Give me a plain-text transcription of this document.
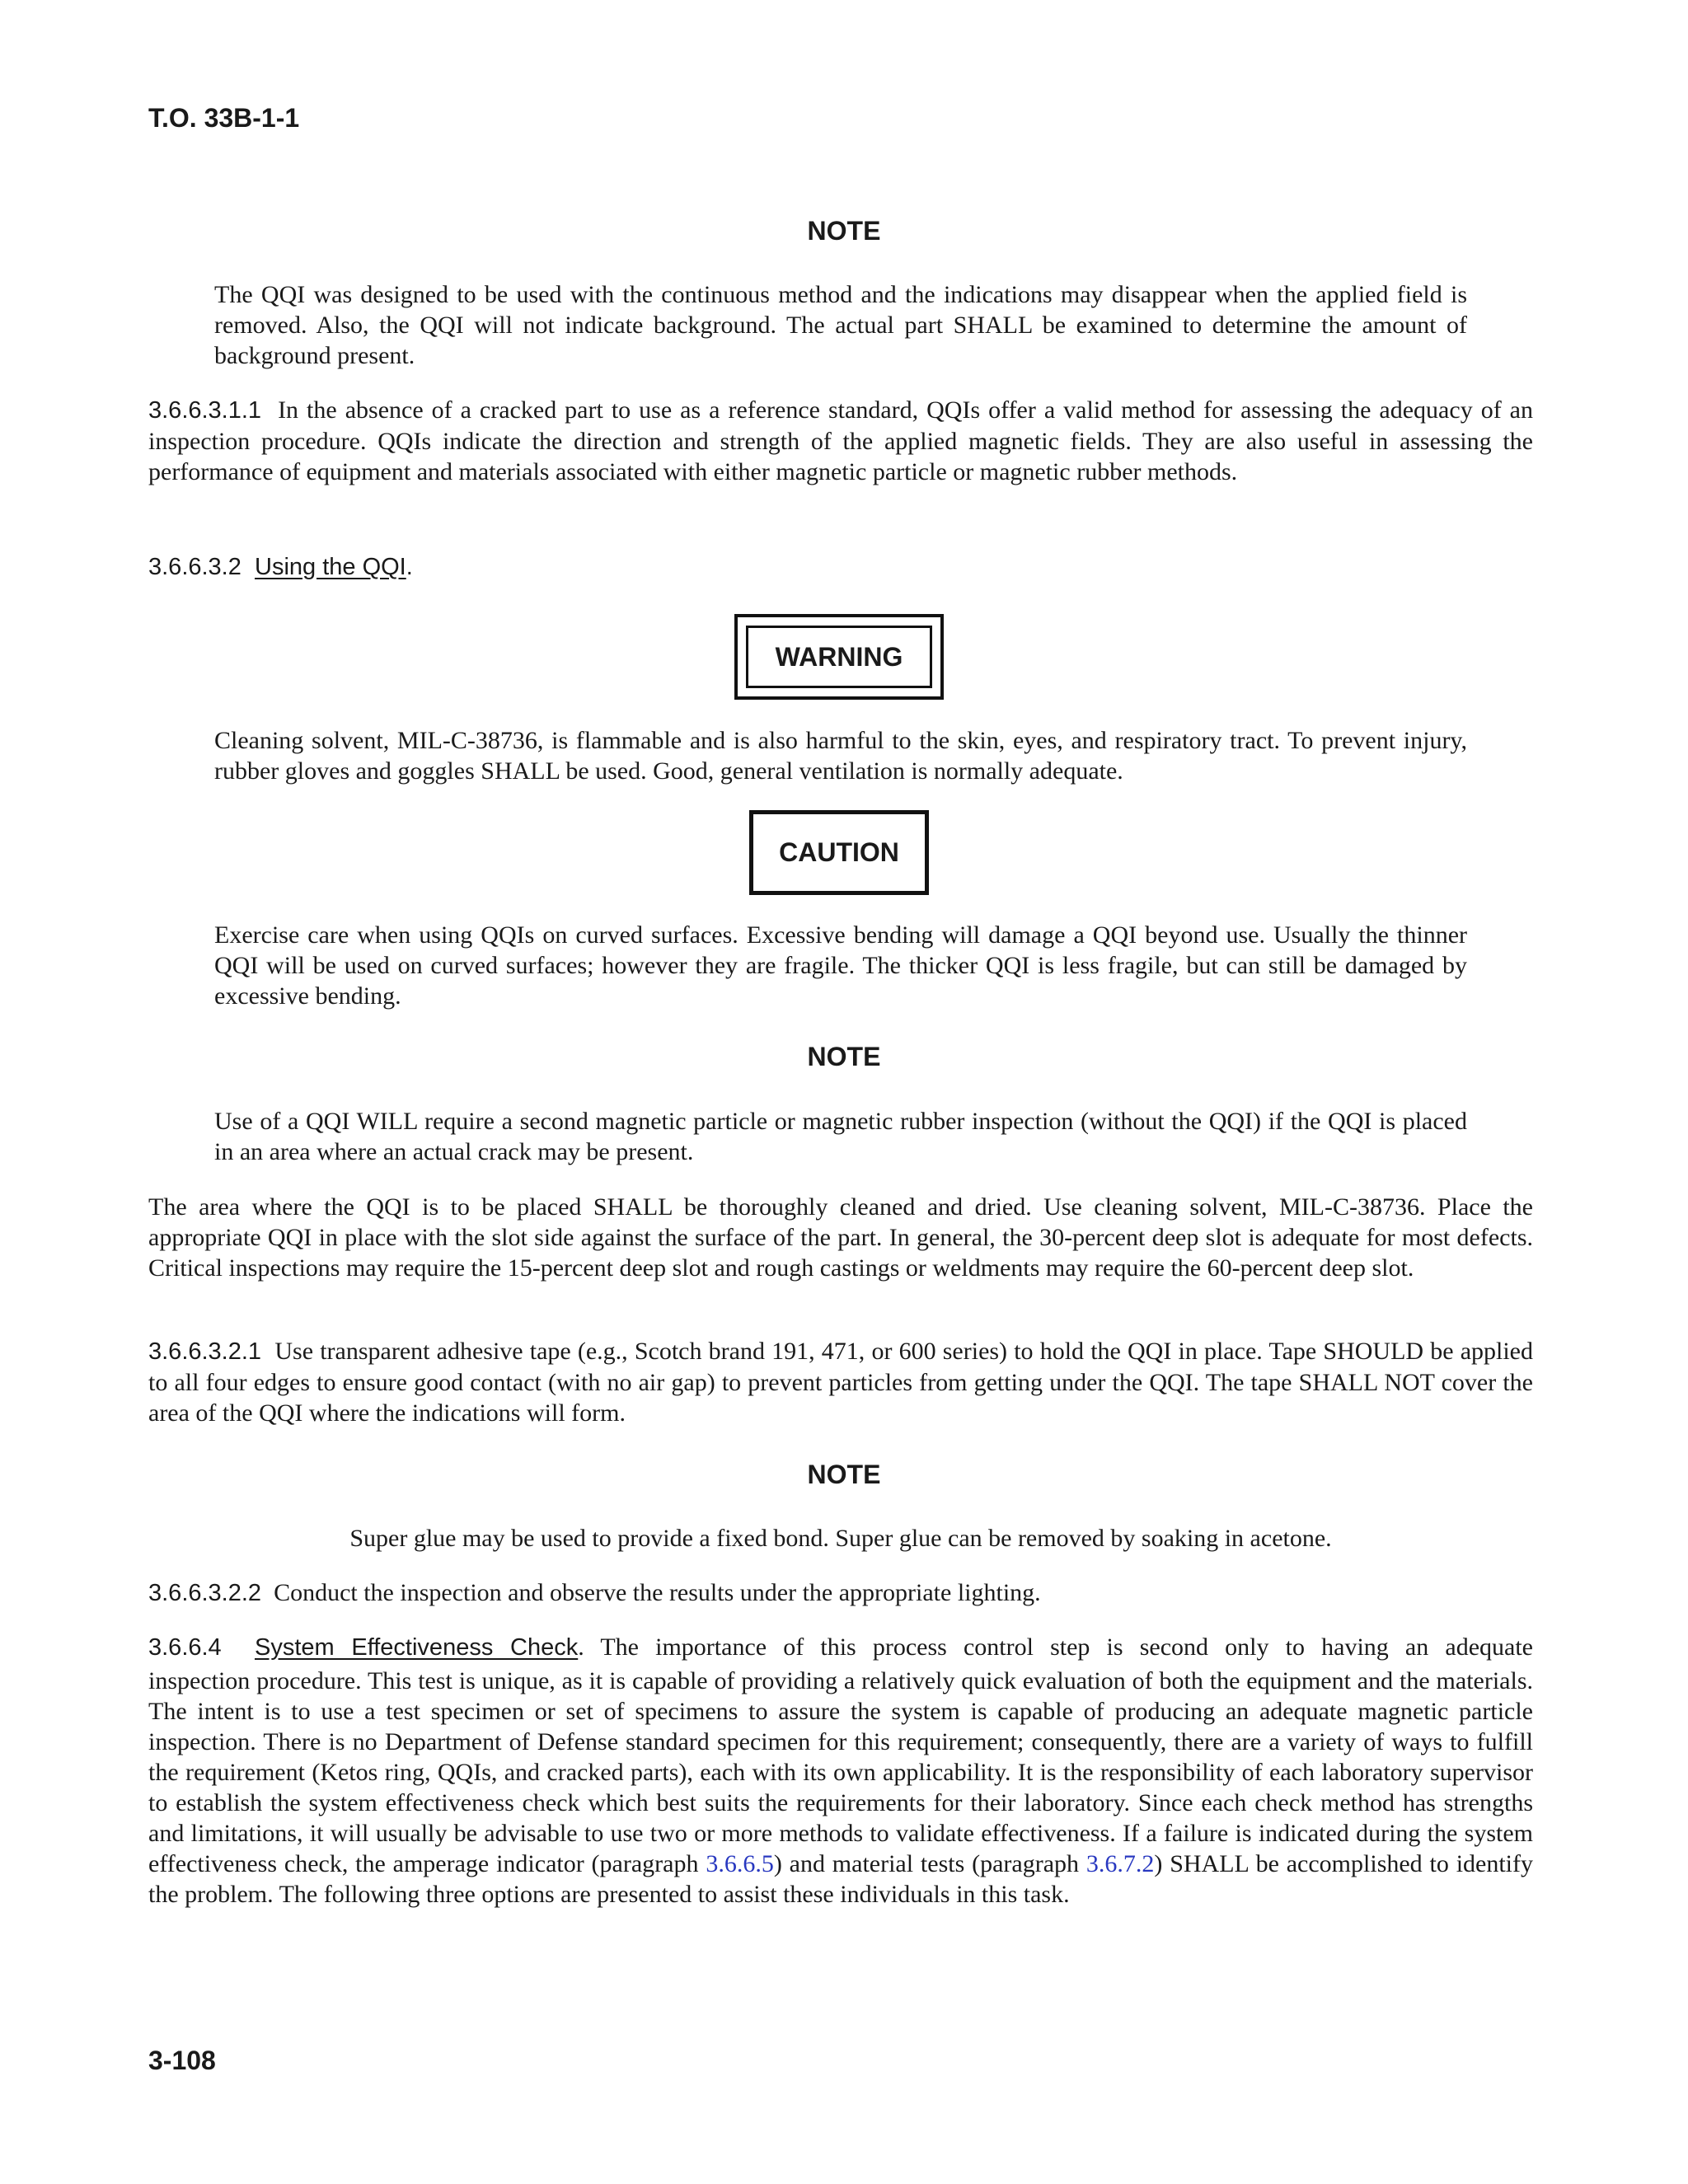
T.O. 33B-1-1
NOTE
The QQI was designed to be used with the continuous method and the indications may disappear when the applied field is removed. Also, the QQI will not indicate background. The actual part SHALL be examined to determine the amount of background present.
3.6.6.3.1.1 In the absence of a cracked part to use as a reference standard, QQIs offer a valid method for assessing the adequacy of an inspection procedure. QQIs indicate the direction and strength of the applied magnetic fields. They are also useful in assessing the performance of equipment and materials associated with either magnetic particle or magnetic rubber methods.
3.6.6.3.2 Using the QQI.
WARNING
Cleaning solvent, MIL-C-38736, is flammable and is also harmful to the skin, eyes, and respiratory tract. To prevent injury, rubber gloves and goggles SHALL be used. Good, general ventilation is normally adequate.
CAUTION
Exercise care when using QQIs on curved surfaces. Excessive bending will damage a QQI beyond use. Usually the thinner QQI will be used on curved surfaces; however they are fragile. The thicker QQI is less fragile, but can still be damaged by excessive bending.
NOTE
Use of a QQI WILL require a second magnetic particle or magnetic rubber inspection (without the QQI) if the QQI is placed in an area where an actual crack may be present.
The area where the QQI is to be placed SHALL be thoroughly cleaned and dried. Use cleaning solvent, MIL-C-38736. Place the appropriate QQI in place with the slot side against the surface of the part. In general, the 30-percent deep slot is adequate for most defects. Critical inspections may require the 15-percent deep slot and rough castings or weldments may require the 60-percent deep slot.
3.6.6.3.2.1 Use transparent adhesive tape (e.g., Scotch brand 191, 471, or 600 series) to hold the QQI in place. Tape SHOULD be applied to all four edges to ensure good contact (with no air gap) to prevent particles from getting under the QQI. The tape SHALL NOT cover the area of the QQI where the indications will form.
NOTE
Super glue may be used to provide a fixed bond. Super glue can be removed by soaking in acetone.
3.6.6.3.2.2 Conduct the inspection and observe the results under the appropriate lighting.
3.6.6.4 System Effectiveness Check. The importance of this process control step is second only to having an adequate
inspection procedure. This test is unique, as it is capable of providing a relatively quick evaluation of both the equipment and the materials. The intent is to use a test specimen or set of specimens to assure the system is capable of producing an adequate magnetic particle inspection. There is no Department of Defense standard specimen for this requirement; consequently, there are a variety of ways to fulfill the requirement (Ketos ring, QQIs, and cracked parts), each with its own applicability. It is the responsibility of each laboratory supervisor to establish the system effectiveness check which best suits the requirements for their laboratory. Since each check method has strengths and limitations, it will usually be advisable to use two or more methods to validate effectiveness. If a failure is indicated during the system effectiveness check, the amperage indicator (paragraph 3.6.6.5) and material tests (paragraph 3.6.7.2) SHALL be accomplished to identify the problem. The following three options are presented to assist these individuals in this task.
3-108
